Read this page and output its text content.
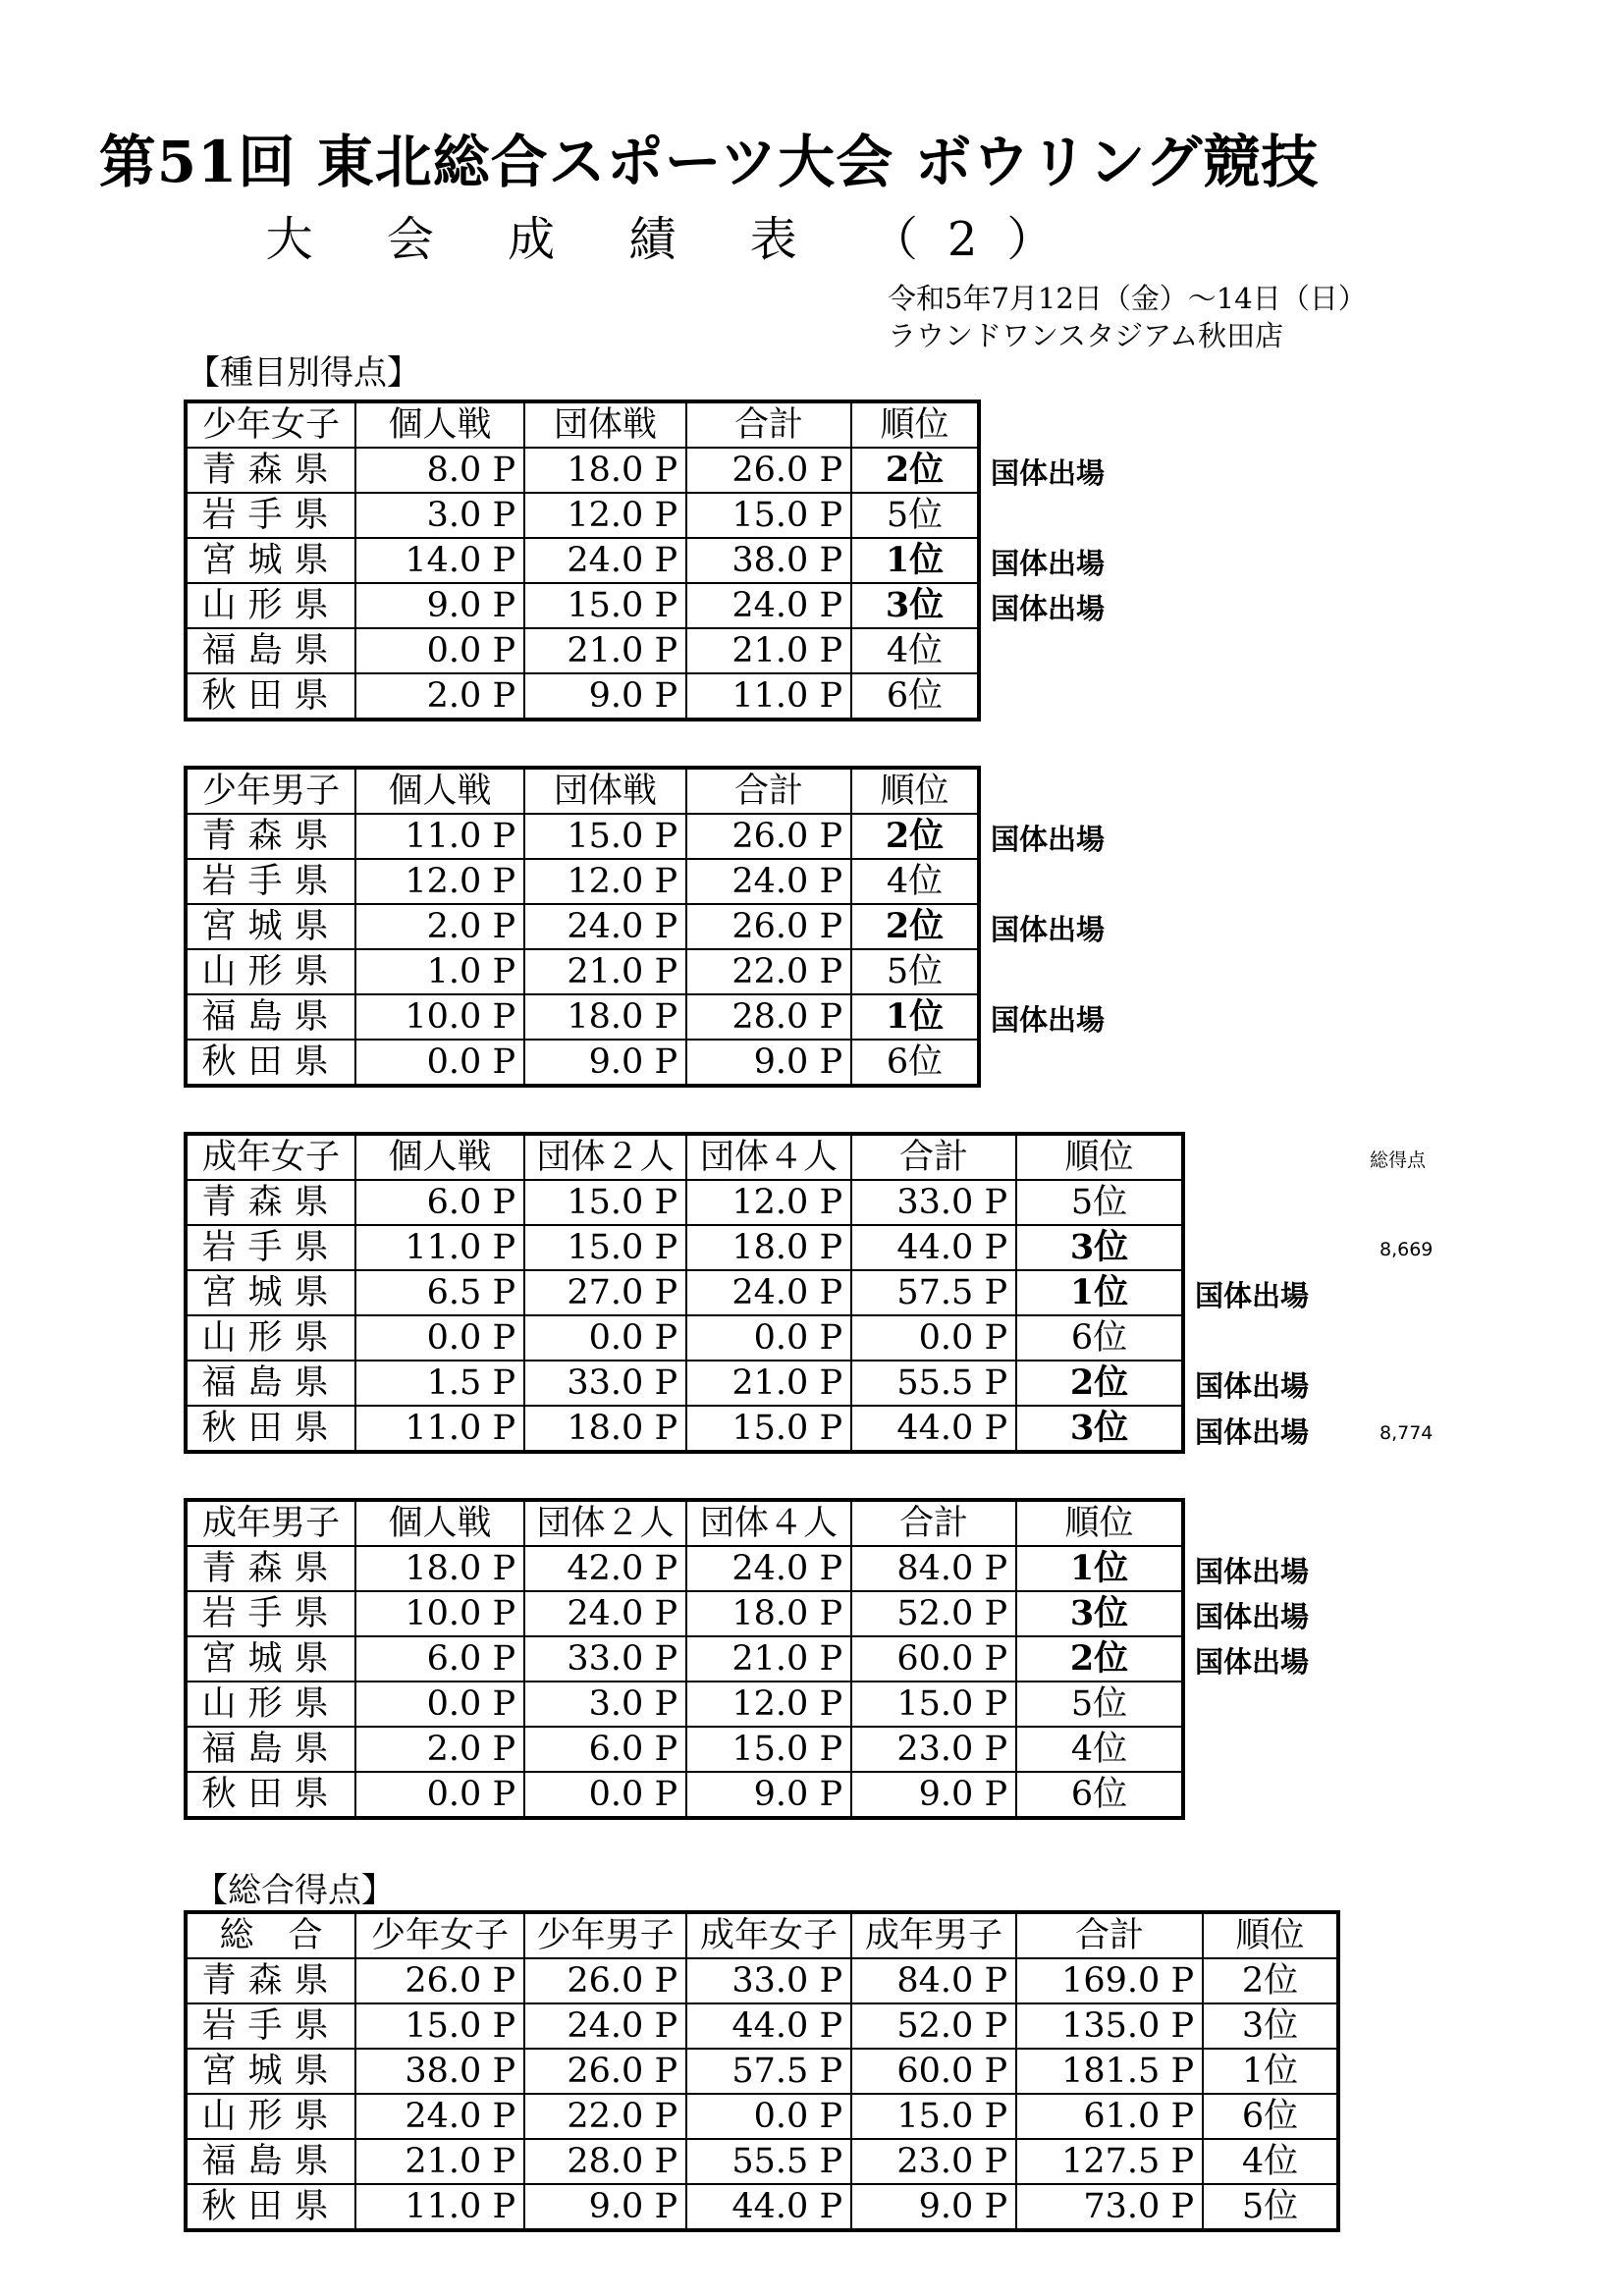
第51回 東北総合スポーツ大会 ボウリング競技
大 会 成 績 表 （2）
令和5年7月12日（金）～14日（日）
ラウンドワンスタジアム秋田店
【種目別得点】
少年女子	個人戦	団体戦	合計	順位
青森県	8.0 P	18.0 P	26.0 P	2位
岩手県	3.0 P	12.0 P	15.0 P	5位
宮城県	14.0 P	24.0 P	38.0 P	1位
山形県	9.0 P	15.0 P	24.0 P	3位
福島県	0.0 P	21.0 P	21.0 P	4位
秋田県	2.0 P	9.0 P	11.0 P	6位
少年男子	個人戦	団体戦	合計	順位
青森県	11.0 P	15.0 P	26.0 P	2位
岩手県	12.0 P	12.0 P	24.0 P	4位
宮城県	2.0 P	24.0 P	26.0 P	2位
山形県	1.0 P	21.0 P	22.0 P	5位
福島県	10.0 P	18.0 P	28.0 P	1位
秋田県	0.0 P	9.0 P	9.0 P	6位
成年女子	個人戦	団体２人	団体４人	合計	順位
青森県	6.0 P	15.0 P	12.0 P	33.0 P	5位
岩手県	11.0 P	15.0 P	18.0 P	44.0 P	3位
宮城県	6.5 P	27.0 P	24.0 P	57.5 P	1位
山形県	0.0 P	0.0 P	0.0 P	0.0 P	6位
福島県	1.5 P	33.0 P	21.0 P	55.5 P	2位
秋田県	11.0 P	18.0 P	15.0 P	44.0 P	3位
成年男子	個人戦	団体２人	団体４人	合計	順位
青森県	18.0 P	42.0 P	24.0 P	84.0 P	1位
岩手県	10.0 P	24.0 P	18.0 P	52.0 P	3位
宮城県	6.0 P	33.0 P	21.0 P	60.0 P	2位
山形県	0.0 P	3.0 P	12.0 P	15.0 P	5位
福島県	2.0 P	6.0 P	15.0 P	23.0 P	4位
秋田県	0.0 P	0.0 P	9.0 P	9.0 P	6位
【総合得点】
総　合	少年女子	少年男子	成年女子	成年男子	合計	順位
青森県	26.0 P	26.0 P	33.0 P	84.0 P	169.0 P	2位
岩手県	15.0 P	24.0 P	44.0 P	52.0 P	135.0 P	3位
宮城県	38.0 P	26.0 P	57.5 P	60.0 P	181.5 P	1位
山形県	24.0 P	22.0 P	0.0 P	15.0 P	61.0 P	6位
福島県	21.0 P	28.0 P	55.5 P	23.0 P	127.5 P	4位
秋田県	11.0 P	9.0 P	44.0 P	9.0 P	73.0 P	5位
総得点
8,669
8,774
国体出場
国体出場
国体出場
国体出場
国体出場
国体出場
国体出場
国体出場
国体出場
国体出場
国体出場
国体出場
